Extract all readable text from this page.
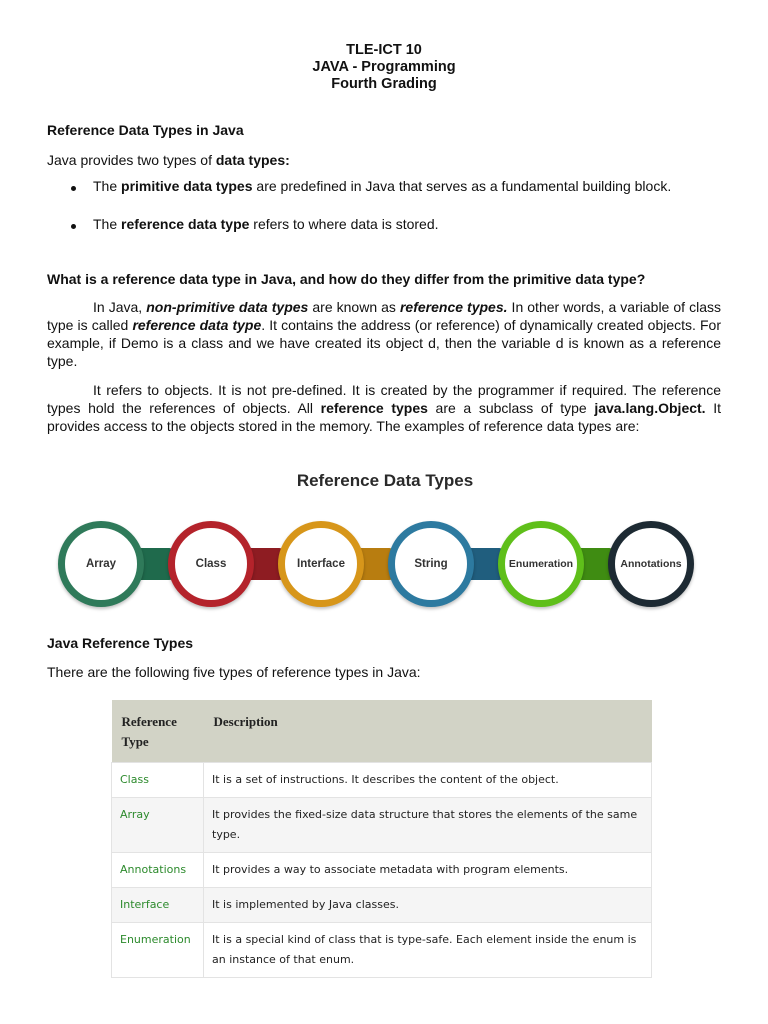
TLE-ICT 10
JAVA - Programming
Fourth Grading
Reference Data Types in Java
Java provides two types of data types:
The primitive data types are predefined in Java that serves as a fundamental building block.
The reference data type refers to where data is stored.
What is a reference data type in Java, and how do they differ from the primitive data type?
In Java, non-primitive data types are known as reference types. In other words, a variable of class type is called reference data type. It contains the address (or reference) of dynamically created objects. For example, if Demo is a class and we have created its object d, then the variable d is known as a reference type.
It refers to objects. It is not pre-defined. It is created by the programmer if required. The reference types hold the references of objects. All reference types are a subclass of type java.lang.Object. It provides access to the objects stored in the memory. The examples of reference data types are:
Reference Data Types
Array	Class	Interface	String	Enumeration	Annotations
Java Reference Types
There are the following five types of reference types in Java:
Reference Type	Description
Class	It is a set of instructions. It describes the content of the object.
Array	It provides the fixed-size data structure that stores the elements of the same type.
Annotations	It provides a way to associate metadata with program elements.
Interface	It is implemented by Java classes.
Enumeration	It is a special kind of class that is type-safe. Each element inside the enum is an instance of that enum.
